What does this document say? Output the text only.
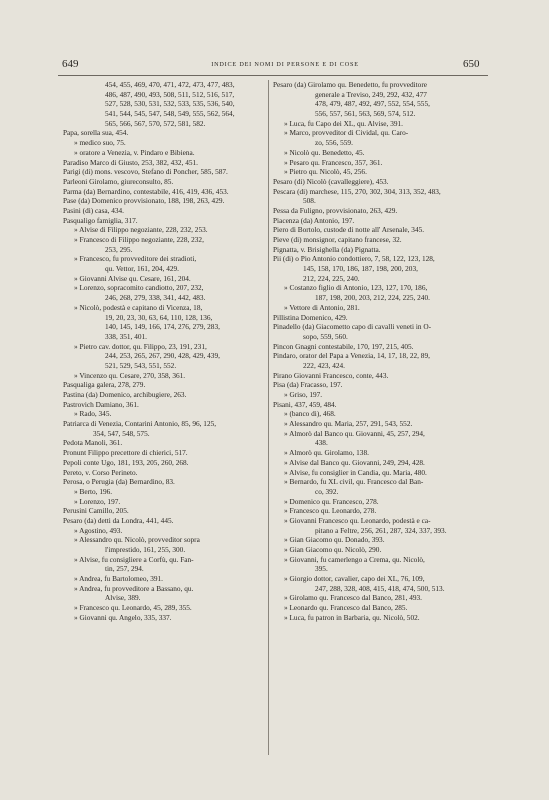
649	INDICE DEI NOMI DI PERSONE E DI COSE	650
454, 455, 469, 470, 471, 472, 473, 477, 483,
486, 487, 490, 493, 508, 511, 512, 516, 517,
527, 528, 530, 531, 532, 533, 535, 536, 540,
541, 544, 545, 547, 548, 549, 555, 562, 564,
565, 566, 567, 570, 572, 581, 582.
Papa, sorella sua, 454.
» medico suo, 75.
» oratore a Venezia, v. Pindaro e Bibiena.
Paradiso Marco di Giusto, 253, 382, 432, 451.
Parigi (di) mons. vescovo, Stefano di Poncher, 585, 587.
Parleoni Girolamo, giureconsulto, 85.
Parma (da) Bernardino, contestabile, 416, 419, 436, 453.
Pase (da) Domenico provvisionato, 188, 198, 263, 429.
Pasini (di) casa, 434.
Pasqualigo famiglia, 317.
» Alvise di Filippo negoziante, 228, 232, 253.
» Francesco di Filippo negoziante, 228, 232,
253, 295.
» Francesco, fu provveditore dei stradioti,
qu. Vettor, 161, 204, 429.
» Giovanni Alvise qu. Cesare, 161, 204.
» Lorenzo, sopracomito candiotto, 207, 232,
246, 268, 279, 338, 341, 442, 483.
» Nicolò, podestà e capitano di Vicenza, 18,
19, 20, 23, 30, 63, 64, 110, 128, 136,
140, 145, 149, 166, 174, 276, 279, 283,
338, 351, 401.
» Pietro cav. dottor, qu. Filippo, 23, 191, 231,
244, 253, 265, 267, 290, 428, 429, 439,
521, 529, 543, 551, 552.
» Vincenzo qu. Cesare, 270, 358, 361.
Pasqualiga galera, 278, 279.
Pastina (da) Domenico, archibugiere, 263.
Pastrovich Damiano, 361.
» Rado, 345.
Patriarca di Venezia, Contarini Antonio, 85, 96, 125,
354, 547, 548, 575.
Pedota Manoli, 361.
Pronunt Filippo precettore di chierici, 517.
Pepoli conte Ugo, 181, 193, 205, 260, 268.
Pereto, v. Corso Perineto.
Perosa, o Perugia (da) Bernardino, 83.
» Berto, 196.
» Lorenzo, 197.
Perusini Camillo, 205.
Pesaro (da) detti da Londra, 441, 445.
» Agostino, 493.
» Alessandro qu. Nicolò, provveditor sopra
l'imprestido, 161, 255, 300.
» Alvise, fu consigliere a Corfù, qu. Fan-
tin, 257, 294.
» Andrea, fu Bartolomeo, 391.
» Andrea, fu provveditore a Bassano, qu.
Alvise, 389.
» Francesco qu. Leonardo, 45, 289, 355.
» Giovanni qu. Angelo, 335, 337.
Pesaro (da) Girolamo qu. Benedetto, fu provveditore
generale a Treviso, 249, 292, 432, 477
478, 479, 487, 492, 497, 552, 554, 555,
556, 557, 561, 563, 569, 574, 512.
» Luca, fu Capo dei XL, qu. Alvise, 391.
» Marco, provveditor di Cividal, qu. Caro-
zo, 556, 559.
» Nicolò qu. Benedetto, 45.
» Pesaro qu. Francesco, 357, 361.
» Pietro qu. Nicolò, 45, 256.
Pesaro (di) Nicolò (cavalleggiere), 453.
Pescara (di) marchese, 115, 270, 302, 304, 313, 352, 483,
508.
Pessa da Fuligno, provvisionato, 263, 429.
Piacenza (da) Antonio, 197.
Piero di Bortolo, custode di notte all' Arsenale, 345.
Pieve (di) monsignor, capitano francese, 32.
Pignatta, v. Brisighella (da) Pignatta.
Pii (di) o Pio Antonio condottiero, 7, 58, 122, 123, 128,
145, 158, 170, 186, 187, 198, 200, 203,
212, 224, 225, 240.
» Costanzo figlio di Antonio, 123, 127, 170, 186,
187, 198, 200, 203, 212, 224, 225, 240.
» Vettore di Antonio, 281.
Pillistina Domenico, 429.
Pinadello (da) Giacometto capo di cavalli veneti in O-
sopo, 559, 560.
Pincon Gnagni contestabile, 170, 197, 215, 405.
Pindaro, orator del Papa a Venezia, 14, 17, 18, 22, 89,
222, 423, 424.
Pirano Giovanni Francesco, conte, 443.
Pisa (da) Fracasso, 197.
» Griso, 197.
Pisani, 437, 459, 484.
» (banco di), 468.
» Alessandro qu. Maria, 257, 291, 543, 552.
» Almorò dal Banco qu. Giovanni, 45, 257, 294,
438.
» Almorò qu. Girolamo, 138.
» Alvise dal Banco qu. Giovanni, 249, 294, 428.
» Alvise, fu consiglier in Candia, qu. Maria, 480.
» Bernardo, fu XL civil, qu. Francesco dal Ban-
co, 392.
» Domenico qu. Francesco, 278.
» Francesco qu. Leonardo, 278.
» Giovanni Francesco qu. Leonardo, podestà e ca-
pitano a Feltre, 256, 261, 287, 324, 337, 393.
» Gian Giacomo qu. Donado, 393.
» Gian Giacomo qu. Nicolò, 290.
» Giovanni, fu camerlengo a Crema, qu. Nicolò,
395.
» Giorgio dottor, cavalier, capo dei XL, 76, 109,
247, 288, 328, 408, 415, 418, 474, 500, 513.
» Girolamo qu. Francesco dal Banco, 281, 493.
» Leonardo qu. Francesco dal Banco, 285.
» Luca, fu patron in Barbaria, qu. Nicolò, 502.
